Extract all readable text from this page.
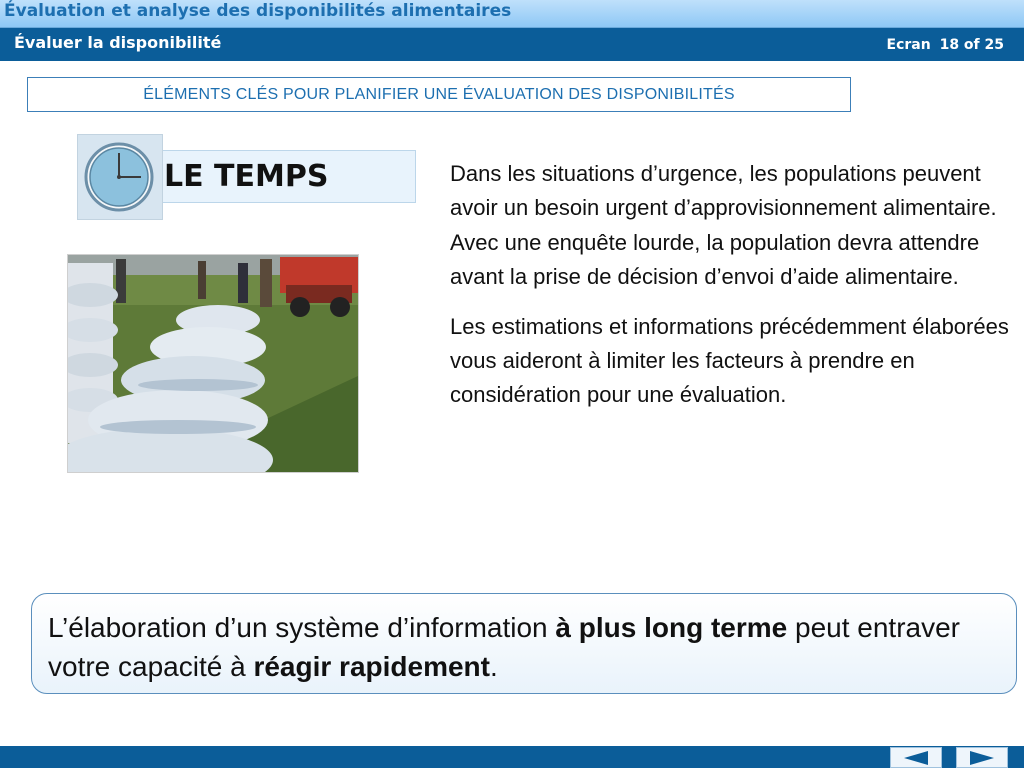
Évaluation et analyse des disponibilités alimentaires
Évaluer la disponibilité	Ecran 18 of 25
ÉLÉMENTS CLÉS POUR PLANIFIER UNE ÉVALUATION DES DISPONIBILITÉS
LE TEMPS	Dans les situations d’urgence, les populations peuvent avoir un besoin urgent d’approvisionnement alimentaire. Avec une enquête lourde, la population devra attendre avant la prise de décision d’envoi d’aide alimentaire.

Les estimations et informations précédemment élaborées vous aideront à limiter les facteurs à prendre en considération pour une évaluation.

L’élaboration d’un système d’information à plus long terme peut entraver votre capacité à réagir rapidement.
